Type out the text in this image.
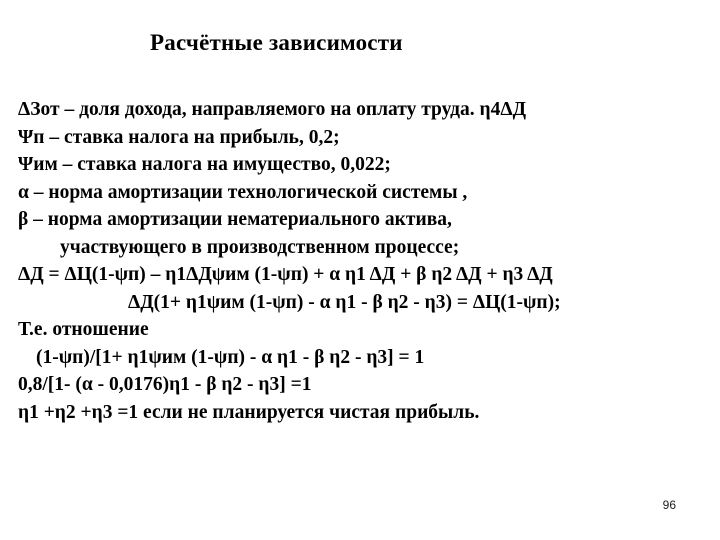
Расчётные зависимости
ΔЗот – доля дохода, направляемого на оплату труда. η4ΔД
Ψп – ставка налога на прибыль, 0,2;
Ψим – ставка налога на имущество, 0,022;
α – норма амортизации технологической системы ,
β – норма амортизации нематериального актива,
участвующего в производственном процессе;
ΔД = ΔЦ(1-ψп) – η1ΔДψим (1-ψп) + α η1 ΔД + β η2 ΔД + η3 ΔД
ΔД(1+ η1ψим (1-ψп) - α η1 - β η2 - η3) = ΔЦ(1-ψп);
Т.е. отношение
(1-ψп)/[1+ η1ψим (1-ψп) - α η1 - β η2 - η3] = 1
0,8/[1- (α - 0,0176)η1 - β η2 - η3] =1
η1 +η2 +η3 =1 если не планируется чистая прибыль.
96
